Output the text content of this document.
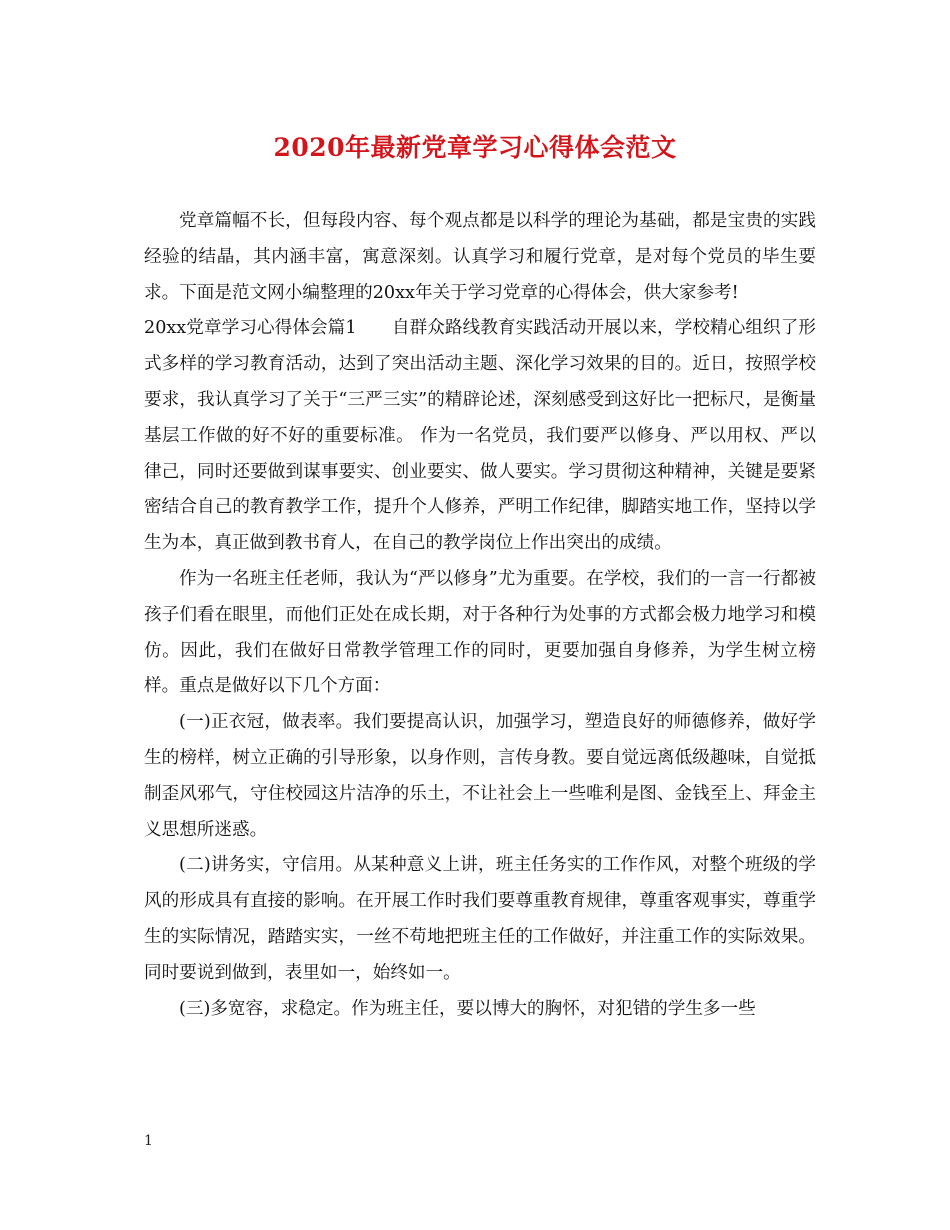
2020年最新党章学习心得体会范文

党章篇幅不长，但每段内容、每个观点都是以科学的理论为基础，都是宝贵的实践经验的结晶，其内涵丰富，寓意深刻。认真学习和履行党章，是对每个党员的毕生要求。下面是范文网小编整理的20xx年关于学习党章的心得体会，供大家参考!

20xx党章学习心得体会篇1　　自群众路线教育实践活动开展以来，学校精心组织了形式多样的学习教育活动，达到了突出活动主题、深化学习效果的目的。近日，按照学校要求，我认真学习了关于“三严三实”的精辟论述，深刻感受到这好比一把标尺，是衡量基层工作做的好不好的重要标准。 作为一名党员，我们要严以修身、严以用权、严以律己，同时还要做到谋事要实、创业要实、做人要实。学习贯彻这种精神，关键是要紧密结合自己的教育教学工作，提升个人修养，严明工作纪律，脚踏实地工作，坚持以学生为本，真正做到教书育人，在自己的教学岗位上作出突出的成绩。

作为一名班主任老师，我认为“严以修身”尤为重要。在学校，我们的一言一行都被孩子们看在眼里，而他们正处在成长期，对于各种行为处事的方式都会极力地学习和模仿。因此，我们在做好日常教学管理工作的同时，更要加强自身修养，为学生树立榜样。重点是做好以下几个方面：

(一)正衣冠，做表率。我们要提高认识，加强学习，塑造良好的师德修养，做好学生的榜样，树立正确的引导形象，以身作则，言传身教。要自觉远离低级趣味，自觉抵制歪风邪气，守住校园这片洁净的乐土，不让社会上一些唯利是图、金钱至上、拜金主义思想所迷惑。

(二)讲务实，守信用。从某种意义上讲，班主任务实的工作作风，对整个班级的学风的形成具有直接的影响。在开展工作时我们要尊重教育规律，尊重客观事实，尊重学生的实际情况，踏踏实实，一丝不苟地把班主任的工作做好，并注重工作的实际效果。同时要说到做到，表里如一，始终如一。

(三)多宽容，求稳定。作为班主任，要以博大的胸怀，对犯错的学生多一些

1
